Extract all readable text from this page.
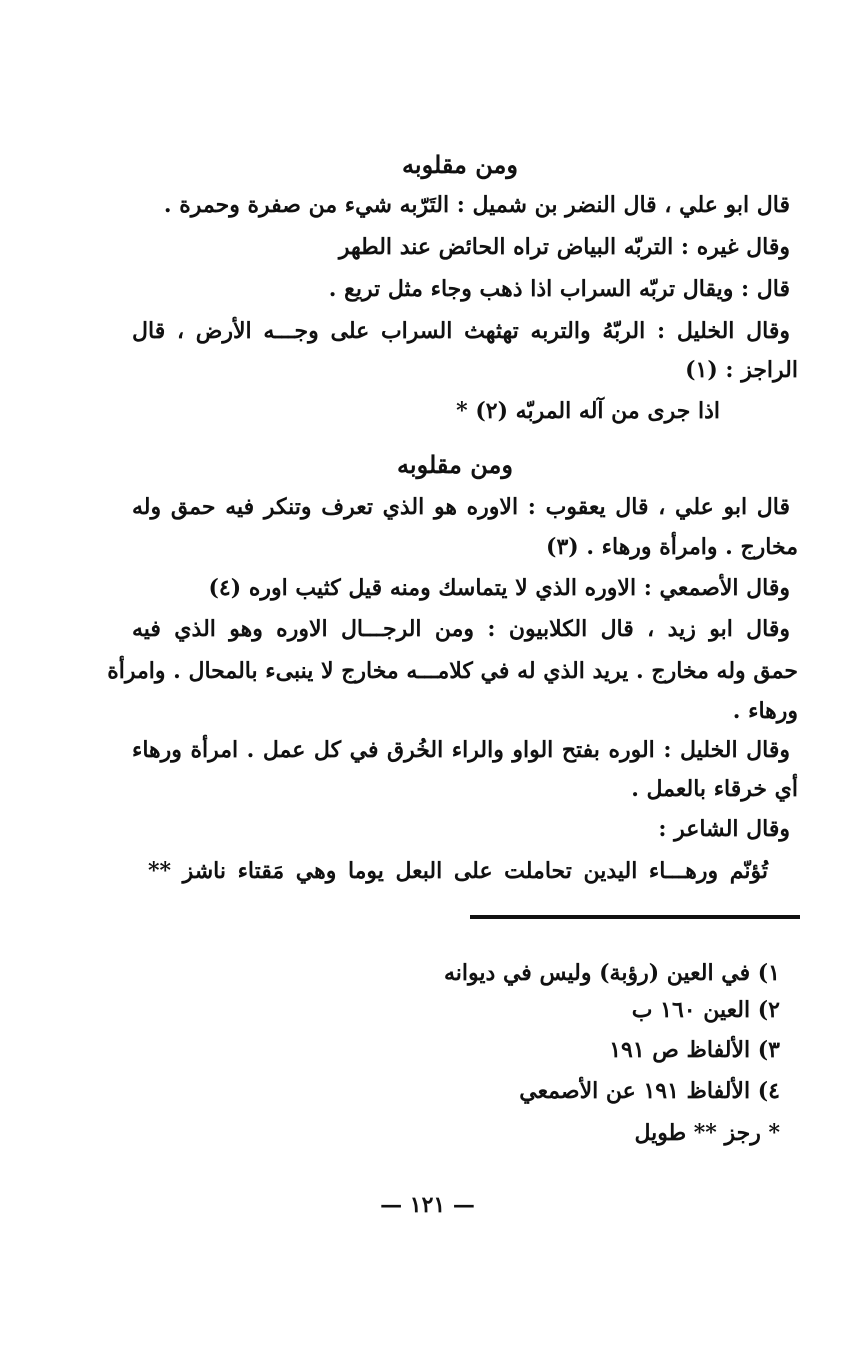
ومن مقلوبه
قال ابو علي ، قال النضر بن شميل : التَرّبه شيء من صفرة وحمرة .
وقال غيره : التربّه البياض تراه الحائض عند الطهر
قال : ويقال تربّه السراب اذا ذهب وجاء مثل تريع .
وقال الخليل : الربّهُ والتربه تهثهث السراب على وجـــه الأرض ، قال
الراجز : (١)
اذا جرى من آله المربّه (٢) *
ومن مقلوبه
قال ابو علي ، قال يعقوب : الاوره هو الذي تعرف وتنكر فيه حمق وله
مخارج . وامرأة ورهاء . (٣)
وقال الأصمعي : الاوره الذي لا يتماسك ومنه قيل كثيب اوره (٤)
وقال ابو زيد ، قال الكلابيون : ومن الرجـــال الاوره وهو الذي فيه
حمق وله مخارج . يريد الذي له في كلامـــه مخارج لا ينبىء بالمحال . وامرأة
ورهاء .
وقال الخليل : الوره بفتح الواو والراء الخُرق في كل عمل . امرأة ورهاء
أي خرقاء بالعمل .
وقال الشاعر :
تُؤنّم ورهـــاء اليدين تحاملت على البعل يوما وهي مَقتاء ناشز **
١) في العين (رؤبة) وليس في ديوانه
٢) العين ١٦٠ ب
٣) الألفاظ ص ١٩١
٤) الألفاظ ١٩١ عن الأصمعي
* رجز ** طويل
— ١٢١ —
